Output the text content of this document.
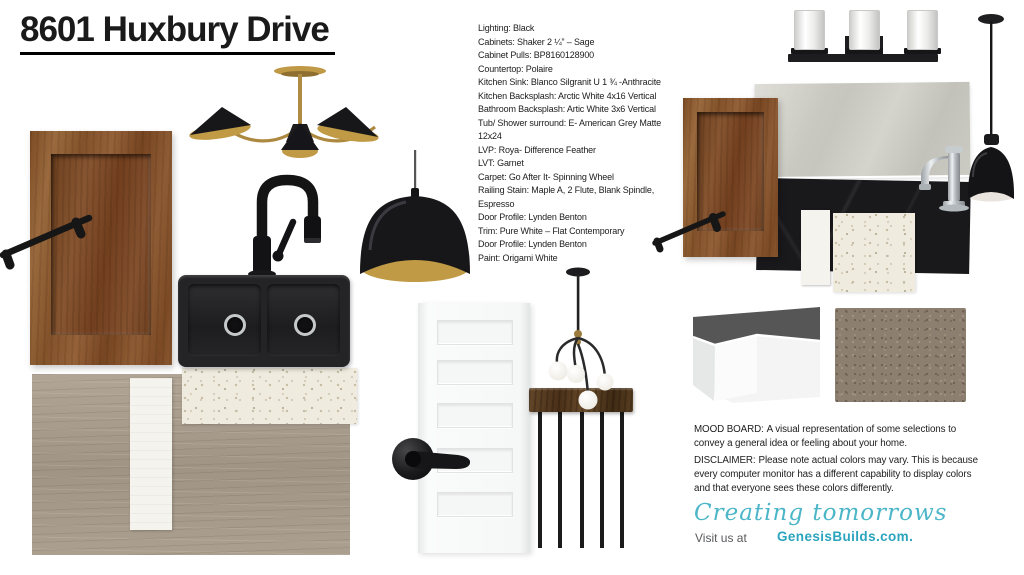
8601 Huxbury Drive	Lighting: Black
Cabinets: Shaker 2 ¼” – Sage
Cabinet Pulls: BP8160128900
Countertop: Polaire
Kitchen Sink: Blanco Silgranit U 1 ¾ -Anthracite
Kitchen Backsplash: Arctic White 4x16 Vertical
Bathroom Backsplash: Artic White 3x6 Vertical
Tub/ Shower surround: E- American Grey Matte 12x24
LVP: Roya- Difference Feather
LVT: Garnet
Carpet: Go After It- Spinning Wheel
Railing Stain: Maple A, 2 Flute, Blank Spindle, Espresso
Door Profile: Lynden Benton
Trim: Pure White – Flat Contemporary
Door Profile: Lynden Benton
Paint: Origami White

MOOD BOARD: A visual representation of some selections to convey a general idea or feeling about your home.

DISCLAIMER: Please note actual colors may vary. This is because every computer monitor has a different capability to display colors and that everyone sees these colors differently.

Creating tomorrows
Visit us at GenesisBuilds.com.
